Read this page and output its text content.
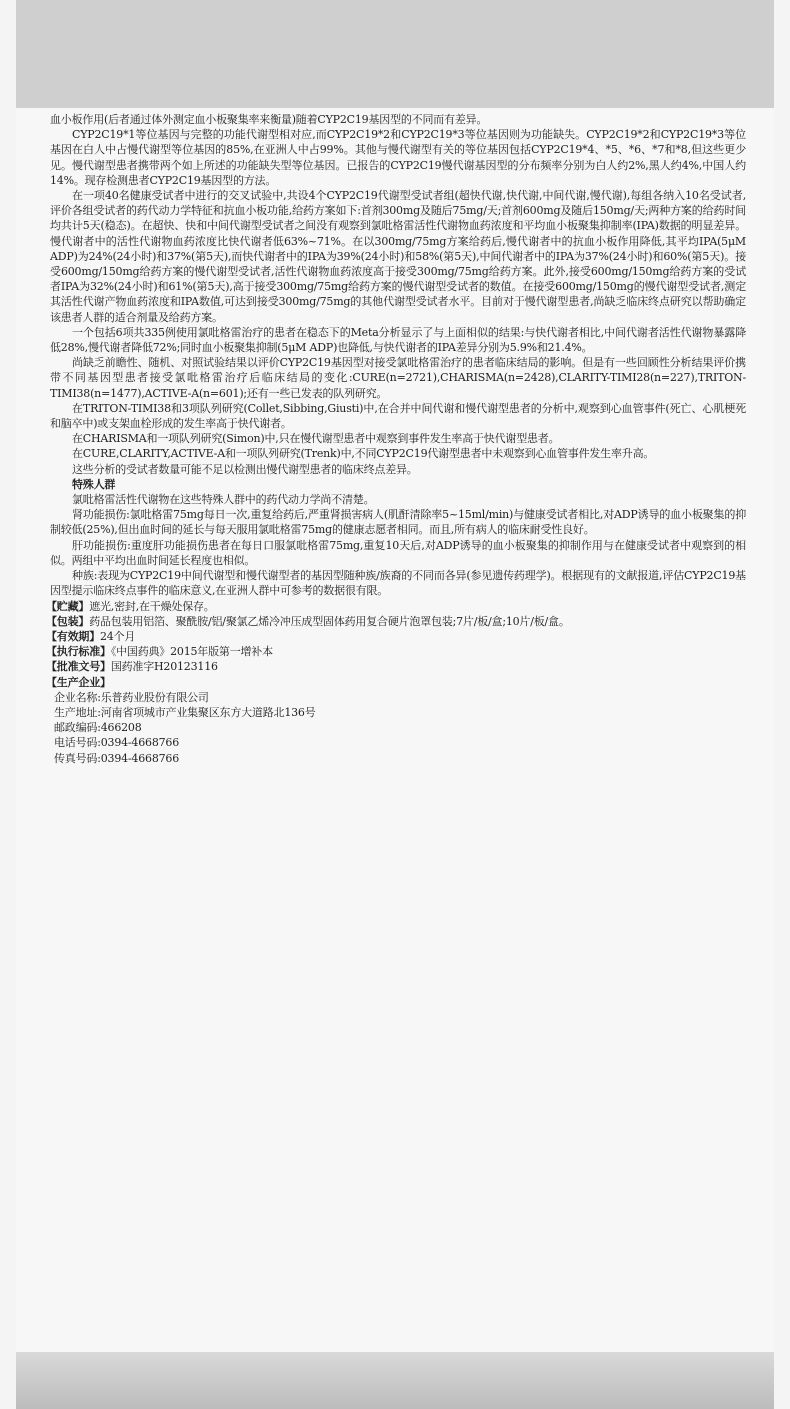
血小板作用(后者通过体外测定血小板聚集率来衡量)随着CYP2C19基因型的不同而有差异。

CYP2C19*1等位基因与完整的功能代谢型相对应,而CYP2C19*2和CYP2C19*3等位基因则为功能缺失。CYP2C19*2和CYP2C19*3等位基因在白人中占慢代谢型等位基因的85%,在亚洲人中占99%。其他与慢代谢型有关的等位基因包括CYP2C19*4、*5、*6、*7和*8,但这些更少见。慢代谢型患者携带两个如上所述的功能缺失型等位基因。已报告的CYP2C19慢代谢基因型的分布频率分别为白人约2%,黑人约4%,中国人约14%。现存检测患者CYP2C19基因型的方法。

在一项40名健康受试者中进行的交叉试验中,共设4个CYP2C19代谢型受试者组(超快代谢,快代谢,中间代谢,慢代谢),每组各纳入10名受试者,评价各组受试者的药代动力学特征和抗血小板功能,给药方案如下:首剂300mg及随后75mg/天;首剂600mg及随后150mg/天;两种方案的给药时间均共计5天(稳态)。在超快、快和中间代谢型受试者之间没有观察到氯吡格雷活性代谢物血药浓度和平均血小板聚集抑制率(IPA)数据的明显差异。慢代谢者中的活性代谢物血药浓度比快代谢者低63%~71%。在以300mg/75mg方案给药后,慢代谢者中的抗血小板作用降低,其平均IPA(5μM ADP)为24%(24小时)和37%(第5天),而快代谢者中的IPA为39%(24小时)和58%(第5天),中间代谢者中的IPA为37%(24小时)和60%(第5天)。接受600mg/150mg给药方案的慢代谢型受试者,活性代谢物血药浓度高于接受300mg/75mg给药方案。此外,接受600mg/150mg给药方案的受试者IPA为32%(24小时)和61%(第5天),高于接受300mg/75mg给药方案的慢代谢型受试者的数值。在接受600mg/150mg的慢代谢型受试者,测定其活性代谢产物血药浓度和IPA数值,可达到接受300mg/75mg的其他代谢型受试者水平。目前对于慢代谢型患者,尚缺乏临床终点研究以帮助确定该患者人群的适合剂量及给药方案。

一个包括6项共335例使用氯吡格雷治疗的患者在稳态下的Meta分析显示了与上面相似的结果:与快代谢者相比,中间代谢者活性代谢物暴露降低28%,慢代谢者降低72%;同时血小板聚集抑制(5μM ADP)也降低,与快代谢者的IPA差异分别为5.9%和21.4%。

尚缺乏前瞻性、随机、对照试验结果以评价CYP2C19基因型对接受氯吡格雷治疗的患者临床结局的影响。但是有一些回顾性分析结果评价携带不同基因型患者接受氯吡格雷治疗后临床结局的变化:CURE(n=2721),CHARISMA(n=2428),CLARITY-TIMI28(n=227),TRITON-TIMI38(n=1477),ACTIVE-A(n=601);还有一些已发表的队列研究。

在TRITON-TIMI38和3项队列研究(Collet,Sibbing,Giusti)中,在合并中间代谢和慢代谢型患者的分析中,观察到心血管事件(死亡、心肌梗死和脑卒中)或支架血栓形成的发生率高于快代谢者。

在CHARISMA和一项队列研究(Simon)中,只在慢代谢型患者中观察到事件发生率高于快代谢型患者。

在CURE,CLARITY,ACTIVE-A和一项队列研究(Trenk)中,不同CYP2C19代谢型患者中未观察到心血管事件发生率升高。

这些分析的受试者数量可能不足以检测出慢代谢型患者的临床终点差异。

特殊人群

氯吡格雷活性代谢物在这些特殊人群中的药代动力学尚不清楚。

肾功能损伤:氯吡格雷75mg每日一次,重复给药后,严重肾损害病人(肌酐清除率5~15ml/min)与健康受试者相比,对ADP诱导的血小板聚集的抑制较低(25%),但出血时间的延长与每天服用氯吡格雷75mg的健康志愿者相同。而且,所有病人的临床耐受性良好。

肝功能损伤:重度肝功能损伤患者在每日口服氯吡格雷75mg,重复10天后,对ADP诱导的血小板聚集的抑制作用与在健康受试者中观察到的相似。两组中平均出血时间延长程度也相似。

种族:表现为CYP2C19中间代谢型和慢代谢型者的基因型随种族/族裔的不同而各异(参见遗传药理学)。根据现有的文献报道,评估CYP2C19基因型提示临床终点事件的临床意义,在亚洲人群中可参考的数据很有限。

【贮藏】遮光,密封,在干燥处保存。

【包装】药品包装用铝箔、聚酰胺/铝/聚氯乙烯冷冲压成型固体药用复合硬片泡罩包装;7片/板/盒;10片/板/盒。

【有效期】24个月

【执行标准】《中国药典》2015年版第一增补本

【批准文号】国药准字H20123116

【生产企业】

企业名称:乐普药业股份有限公司

生产地址:河南省项城市产业集聚区东方大道路北136号

邮政编码:466208

电话号码:0394-4668766

传真号码:0394-4668766
